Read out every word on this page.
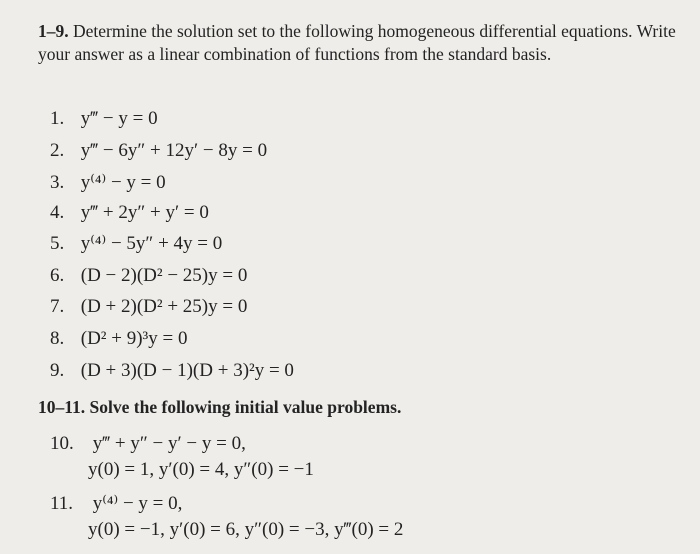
1–9. Determine the solution set to the following homogeneous differential equations. Write your answer as a linear combination of functions from the standard basis.
1. y‴ − y = 0
2. y‴ − 6y″ + 12y′ − 8y = 0
3. y⁽⁴⁾ − y = 0
4. y‴ + 2y″ + y′ = 0
5. y⁽⁴⁾ − 5y″ + 4y = 0
6. (D − 2)(D² − 25)y = 0
7. (D + 2)(D² + 25)y = 0
8. (D² + 9)³y = 0
9. (D + 3)(D − 1)(D + 3)²y = 0
10–11. Solve the following initial value problems.
10. y‴ + y″ − y′ − y = 0,
y(0) = 1, y′(0) = 4, y″(0) = −1
11. y⁽⁴⁾ − y = 0,
y(0) = −1, y′(0) = 6, y″(0) = −3, y‴(0) = 2
